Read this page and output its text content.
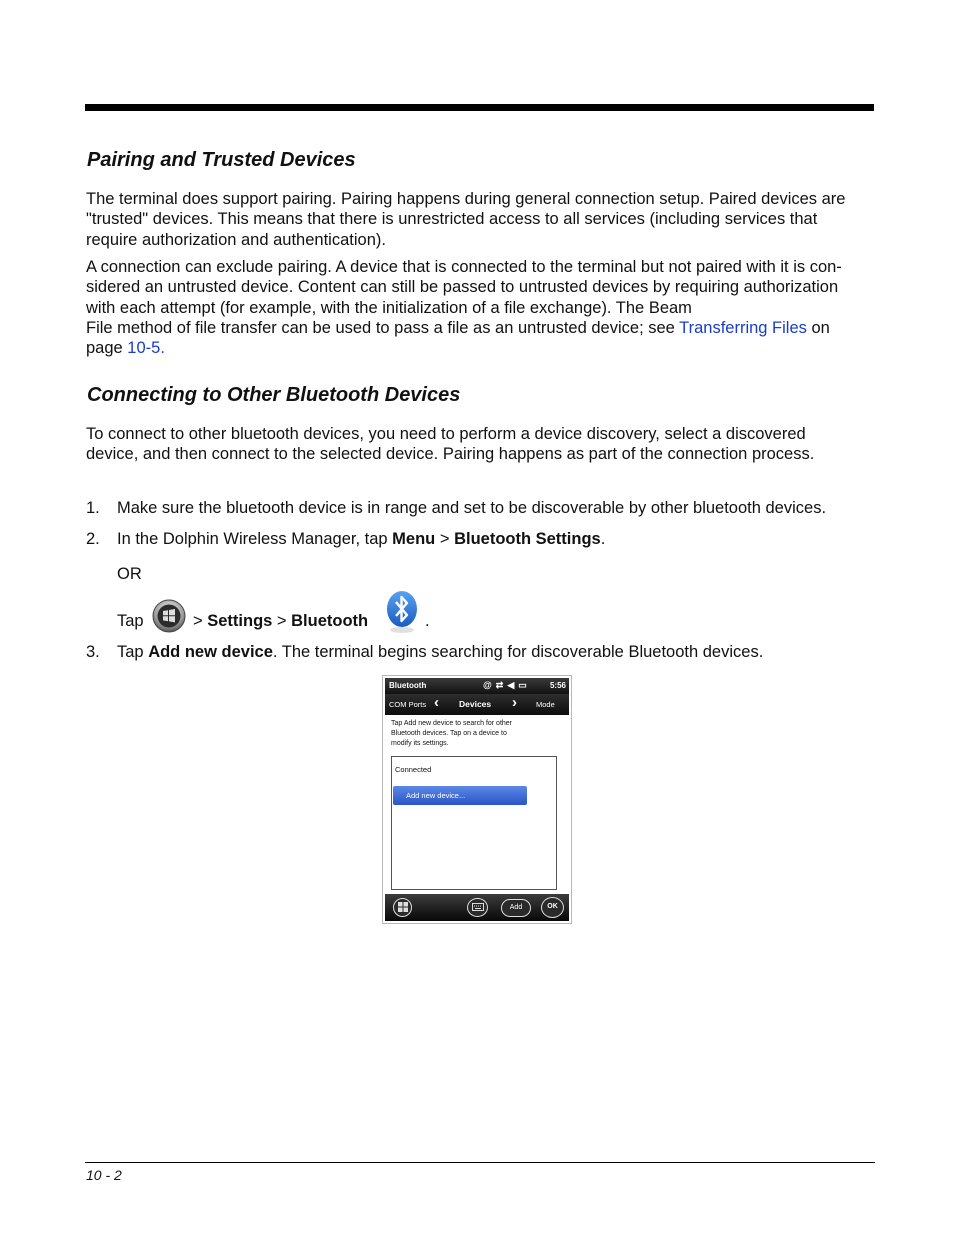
Pairing and Trusted Devices
The terminal does support pairing. Pairing happens during general connection setup. Paired devices are
"trusted" devices. This means that there is unrestricted access to all services (including services that
require authorization and authentication).
A connection can exclude pairing. A device that is connected to the terminal but not paired with it is con-
sidered an untrusted device. Content can still be passed to untrusted devices by requiring authorization
with each attempt (for example, with the initialization of a file exchange). The Beam
File method of file transfer can be used to pass a file as an untrusted device; see Transferring Files on
page 10-5.
Connecting to Other Bluetooth Devices
To connect to other bluetooth devices, you need to perform a device discovery, select a discovered
device, and then connect to the selected device. Pairing happens as part of the connection process.
1. Make sure the bluetooth device is in range and set to be discoverable by other bluetooth devices.
2. In the Dolphin Wireless Manager, tap Menu > Bluetooth Settings.
OR
Tap	> Settings > Bluetooth	.
3. Tap Add new device. The terminal begins searching for discoverable Bluetooth devices.
Bluetooth	@⇄◀▭ 5:56
COM Ports ‹ Devices ›	Mode
Tap Add new device to search for other
Bluetooth devices. Tap on a device to
modify its settings.
Connected
Add new device...
Add	OK
10 - 2
